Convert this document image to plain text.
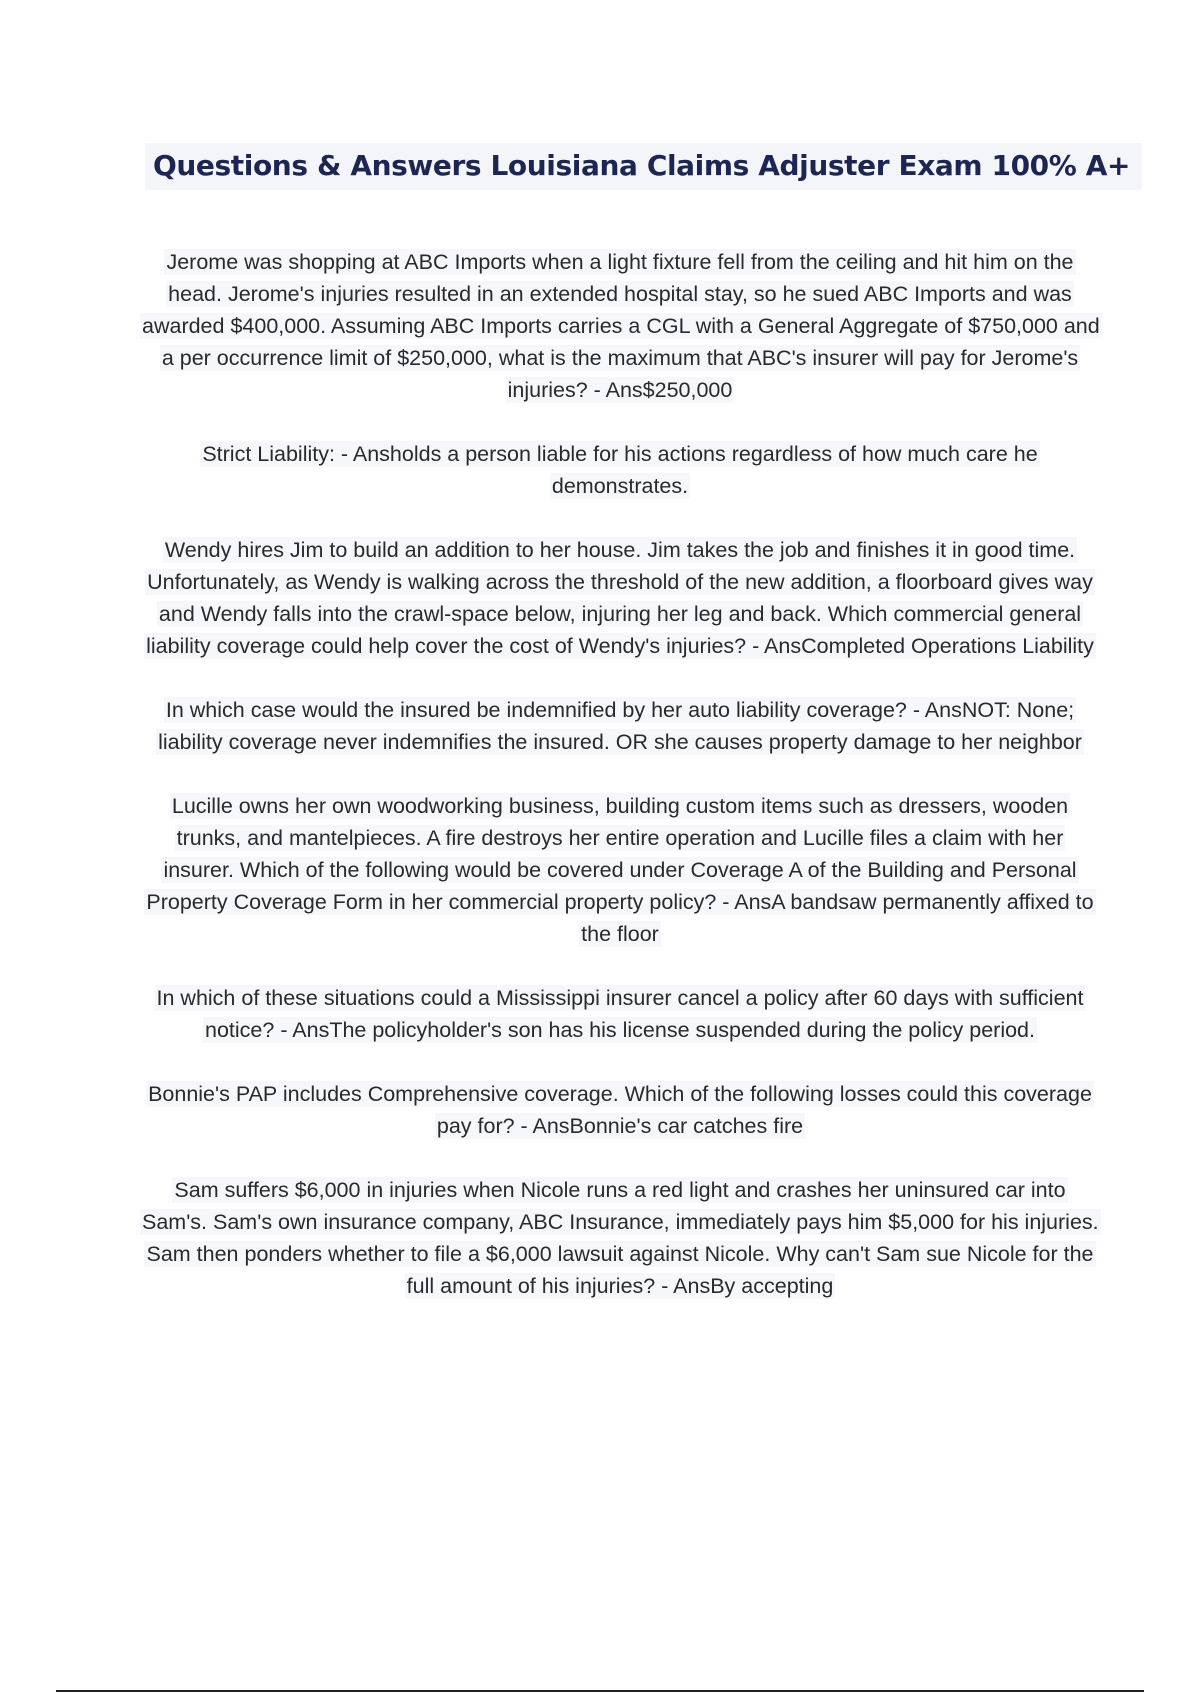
Questions & Answers Louisiana Claims Adjuster Exam 100% A+

Jerome was shopping at ABC Imports when a light fixture fell from the ceiling and hit him on the head. Jerome's injuries resulted in an extended hospital stay, so he sued ABC Imports and was awarded $400,000. Assuming ABC Imports carries a CGL with a General Aggregate of $750,000 and a per occurrence limit of $250,000, what is the maximum that ABC's insurer will pay for Jerome's injuries? - Ans$250,000

Strict Liability: - Ansholds a person liable for his actions regardless of how much care he demonstrates.

Wendy hires Jim to build an addition to her house. Jim takes the job and finishes it in good time. Unfortunately, as Wendy is walking across the threshold of the new addition, a floorboard gives way and Wendy falls into the crawl-space below, injuring her leg and back. Which commercial general liability coverage could help cover the cost of Wendy's injuries? - AnsCompleted Operations Liability

In which case would the insured be indemnified by her auto liability coverage? - AnsNOT: None; liability coverage never indemnifies the insured. OR she causes property damage to her neighbor

Lucille owns her own woodworking business, building custom items such as dressers, wooden trunks, and mantelpieces. A fire destroys her entire operation and Lucille files a claim with her insurer. Which of the following would be covered under Coverage A of the Building and Personal Property Coverage Form in her commercial property policy? - AnsA bandsaw permanently affixed to the floor

In which of these situations could a Mississippi insurer cancel a policy after 60 days with sufficient notice? - AnsThe policyholder's son has his license suspended during the policy period.

Bonnie's PAP includes Comprehensive coverage. Which of the following losses could this coverage pay for? - AnsBonnie's car catches fire

Sam suffers $6,000 in injuries when Nicole runs a red light and crashes her uninsured car into Sam's. Sam's own insurance company, ABC Insurance, immediately pays him $5,000 for his injuries. Sam then ponders whether to file a $6,000 lawsuit against Nicole. Why can't Sam sue Nicole for the full amount of his injuries? - AnsBy accepting
